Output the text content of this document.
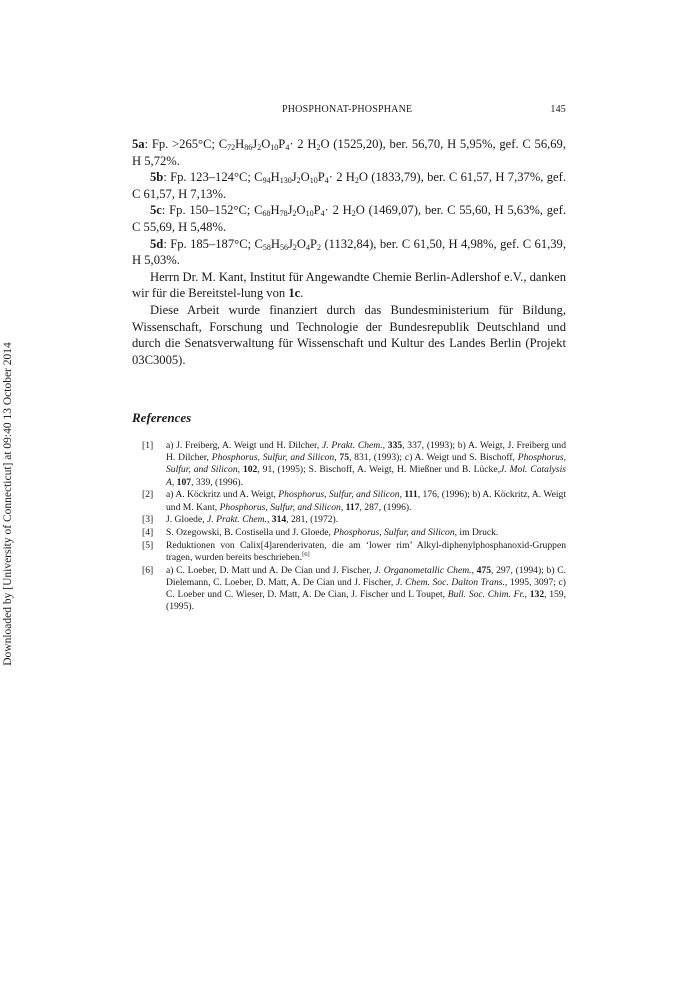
Downloaded by [University of Connecticut] at 09:40 13 October 2014
PHOSPHONAT-PHOSPHANE	145

5a: Fp. >265°C; $C_{72}H_{86}J_2O_{10}P_4\cdot 2$ $H_2O$ (1525,20), ber. 56,70, H 5,95%, gef. C 56,69, H 5,72%.

5b: Fp. 123–124°C; $C_{94}H_{130}J_2O_{10}P_4\cdot 2$ $H_2O$ (1833,79), ber. C 61,57, H 7,37%, gef. C 61,57, H 7,13%.

5c: Fp. 150–152°C; $C_{68}H_{78}J_2O_{10}P_4\cdot 2$ $H_2O$ (1469,07), ber. C 55,60, H 5,63%, gef. C 55,69, H 5,48%.

5d: Fp. 185–187°C; $C_{58}H_{56}J_2O_4P_2$ (1132,84), ber. C 61,50, H 4,98%, gef. C 61,39, H 5,03%.

Herrn Dr. M. Kant, Institut für Angewandte Chemie Berlin-Adlershof e.V., danken wir für die Bereitstel-lung von 1c.

Diese Arbeit wurde finanziert durch das Bundesministerium für Bildung, Wissenschaft, Forschung und Technologie der Bundesrepublik Deutschland und durch die Senatsverwaltung für Wissenschaft und Kultur des Landes Berlin (Projekt 03C3005).

References
[1]	a) J. Freiberg, A. Weigt und H. Dilcher, J. Prakt. Chem., 335, 337, (1993); b) A. Weigt, J. Freiberg und H. Dilcher, Phosphorus, Sulfur, and Silicon, 75, 831, (1993); c) A. Weigt und S. Bischoff, Phosphorus, Sulfur, and Silicon, 102, 91, (1995); S. Bischoff, A. Weigt, H. Mießner und B. Lücke,J. Mol. Catalysis A, 107, 339, (1996).
[2]	a) A. Köckritz und A. Weigt, Phosphorus, Sulfur, and Silicon, 111, 176, (1996); b) A. Köckritz, A. Weigt und M. Kant, Phosphorus, Sulfur, and Silicon, 117, 287, (1996).
[3]	J. Gloede, J. Prakt. Chem., 314, 281, (1972).
[4]	S. Ozegowski, B. Costisella und J. Gloede, Phosphorus, Sulfur, and Silicon, im Druck.
[5]	Reduktionen von Calix[4]arenderivaten, die am ‘lower rim’ Alkyl-diphenylphosphanoxid-Gruppen tragen, wurden bereits beschrieben.[6]
[6]	a) C. Loeber, D. Matt und A. De Cian und J. Fischer, J. Organometallic Chem., 475, 297, (1994); b) C. Dielemann, C. Loeber, D. Matt, A. De Cian und J. Fischer, J. Chem. Soc. Dalton Trans., 1995, 3097; c) C. Loeber und C. Wieser, D. Matt, A. De Cian, J. Fischer und L Toupet, Bull. Soc. Chim. Fr., 132, 159, (1995).
